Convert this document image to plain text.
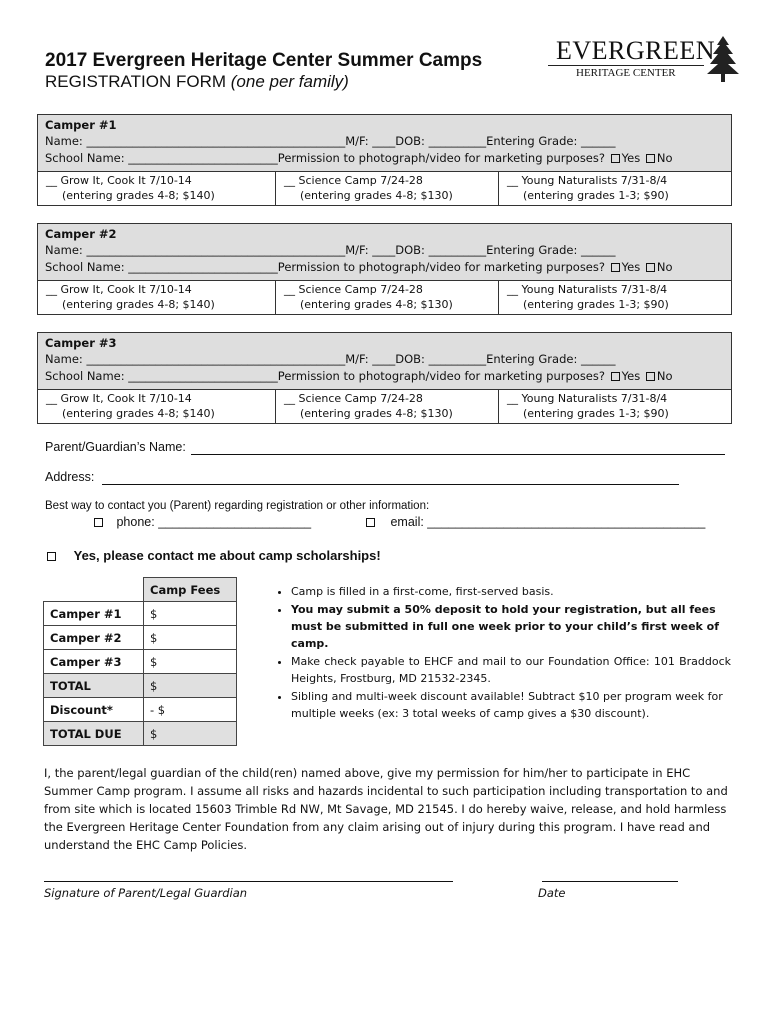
2017 Evergreen Heritage Center Summer Camps
REGISTRATION FORM (one per family)
EVERGREEN
HERITAGE CENTER
Camper #1
Name: _____________________________________________M/F: ____DOB: __________Entering Grade: ______
School Name: __________________________Permission to photograph/video for marketing purposes? Yes No
__ Grow It, Cook It 7/10-14
(entering grades 4-8; $140)
__ Science Camp 7/24-28
(entering grades 4-8; $130)
__ Young Naturalists 7/31-8/4
(entering grades 1-3; $90)
Camper #2
Name: _____________________________________________M/F: ____DOB: __________Entering Grade: ______
School Name: __________________________Permission to photograph/video for marketing purposes? Yes No
__ Grow It, Cook It 7/10-14
(entering grades 4-8; $140)
__ Science Camp 7/24-28
(entering grades 4-8; $130)
__ Young Naturalists 7/31-8/4
(entering grades 1-3; $90)
Camper #3
Name: _____________________________________________M/F: ____DOB: __________Entering Grade: ______
School Name: __________________________Permission to photograph/video for marketing purposes? Yes No
__ Grow It, Cook It 7/10-14
(entering grades 4-8; $140)
__ Science Camp 7/24-28
(entering grades 4-8; $130)
__ Young Naturalists 7/31-8/4
(entering grades 1-3; $90)
Parent/Guardian’s Name:
Address:
Best way to contact you (Parent) regarding registration or other information:
phone: ______________________	email: ________________________________________
Yes, please contact me about camp scholarships!
	Camp Fees
Camper #1	$
Camper #2	$
Camper #3	$
TOTAL	$
Discount*	- $
TOTAL DUE	$
• Camp is filled in a first-come, first-served basis.
• You may submit a 50% deposit to hold your registration, but all fees must be submitted in full one week prior to your child’s first week of camp.
• Make check payable to EHCF and mail to our Foundation Office: 101 Braddock Heights, Frostburg, MD 21532-2345.
• Sibling and multi-week discount available! Subtract $10 per program week for multiple weeks (ex: 3 total weeks of camp gives a $30 discount).
I, the parent/legal guardian of the child(ren) named above, give my permission for him/her to participate in EHC Summer Camp program. I assume all risks and hazards incidental to such participation including transportation to and from site which is located 15603 Trimble Rd NW, Mt Savage, MD 21545. I do hereby waive, release, and hold harmless the Evergreen Heritage Center Foundation from any claim arising out of injury during this program. I have read and understand the EHC Camp Policies.
Signature of Parent/Legal Guardian	Date
